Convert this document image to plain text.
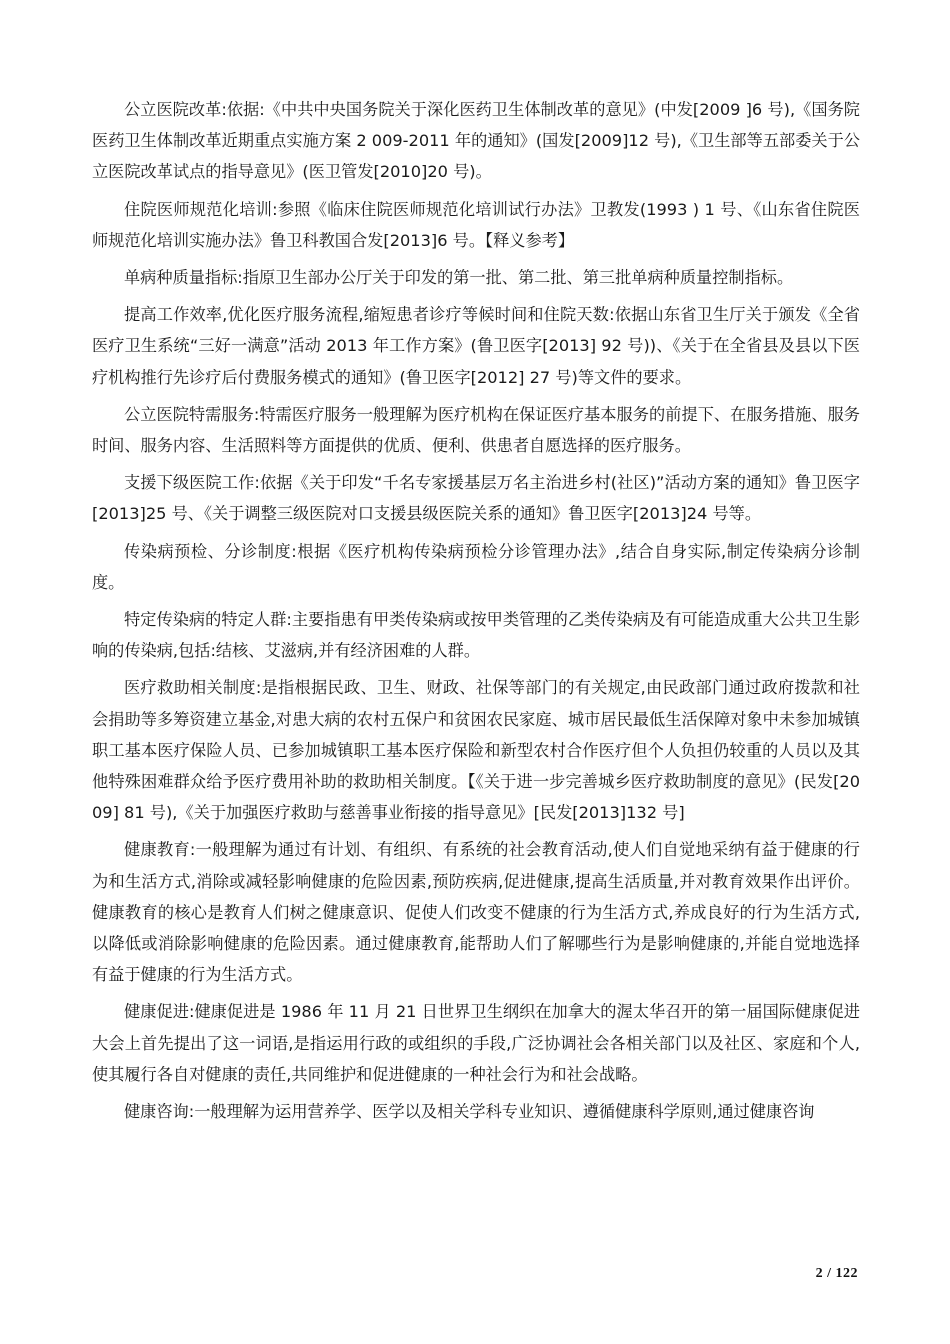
公立医院改革:依据:《中共中央国务院关于深化医药卫生体制改革的意见》(中发[2009 ]6 号),《国务院医药卫生体制改革近期重点实施方案 2 009-2011 年的通知》(国发[2009]12 号),《卫生部等五部委关于公立医院改革试点的指导意见》(医卫管发[2010]20 号)。

住院医师规范化培训:参照《临床住院医师规范化培训试行办法》卫教发(1993 ) 1 号、《山东省住院医师规范化培训实施办法》鲁卫科教国合发[2013]6 号。【释义参考】

单病种质量指标:指原卫生部办公厅关于印发的第一批、第二批、第三批单病种质量控制指标。

提高工作效率,优化医疗服务流程,缩短患者诊疗等候时间和住院天数:依据山东省卫生厅关于颁发《全省医疗卫生系统“三好一满意”活动 2013 年工作方案》(鲁卫医字[2013] 92 号))、《关于在全省县及县以下医疗机构推行先诊疗后付费服务模式的通知》(鲁卫医字[2012] 27 号)等文件的要求。

公立医院特需服务:特需医疗服务一般理解为医疗机构在保证医疗基本服务的前提下、在服务措施、服务时间、服务内容、生活照料等方面提供的优质、便利、供患者自愿选择的医疗服务。

支援下级医院工作:依据《关于印发“千名专家援基层万名主治进乡村(社区)”活动方案的通知》鲁卫医字[2013]25 号、《关于调整三级医院对口支援县级医院关系的通知》鲁卫医字[2013]24 号等。

传染病预检、分诊制度:根据《医疗机构传染病预检分诊管理办法》,结合自身实际,制定传染病分诊制度。

特定传染病的特定人群:主要指患有甲类传染病或按甲类管理的乙类传染病及有可能造成重大公共卫生影响的传染病,包括:结核、艾滋病,并有经济困难的人群。

医疗救助相关制度:是指根据民政、卫生、财政、社保等部门的有关规定,由民政部门通过政府拨款和社会捐助等多筹资建立基金,对患大病的农村五保户和贫困农民家庭、城市居民最低生活保障对象中未参加城镇职工基本医疗保险人员、已参加城镇职工基本医疗保险和新型农村合作医疗但个人负担仍较重的人员以及其他特殊困难群众给予医疗费用补助的救助相关制度。【《关于进一步完善城乡医疗救助制度的意见》(民发[2009] 81 号),《关于加强医疗救助与慈善事业衔接的指导意见》[民发[2013]132 号]

健康教育:一般理解为通过有计划、有组织、有系统的社会教育活动,使人们自觉地采纳有益于健康的行为和生活方式,消除或减轻影响健康的危险因素,预防疾病,促进健康,提高生活质量,并对教育效果作出评价。健康教育的核心是教育人们树之健康意识、促使人们改变不健康的行为生活方式,养成良好的行为生活方式,以降低或消除影响健康的危险因素。通过健康教育,能帮助人们了解哪些行为是影响健康的,并能自觉地选择有益于健康的行为生活方式。

健康促进:健康促进是 1986 年 11 月 21 日世界卫生纲织在加拿大的渥太华召开的第一届国际健康促进大会上首先提出了这一词语,是指运用行政的或组织的手段,广泛协调社会各相关部门以及社区、家庭和个人,使其履行各自对健康的责任,共同维护和促进健康的一种社会行为和社会战略。

健康咨询:一般理解为运用营养学、医学以及相关学科专业知识、遵循健康科学原则,通过健康咨询

2 / 122
